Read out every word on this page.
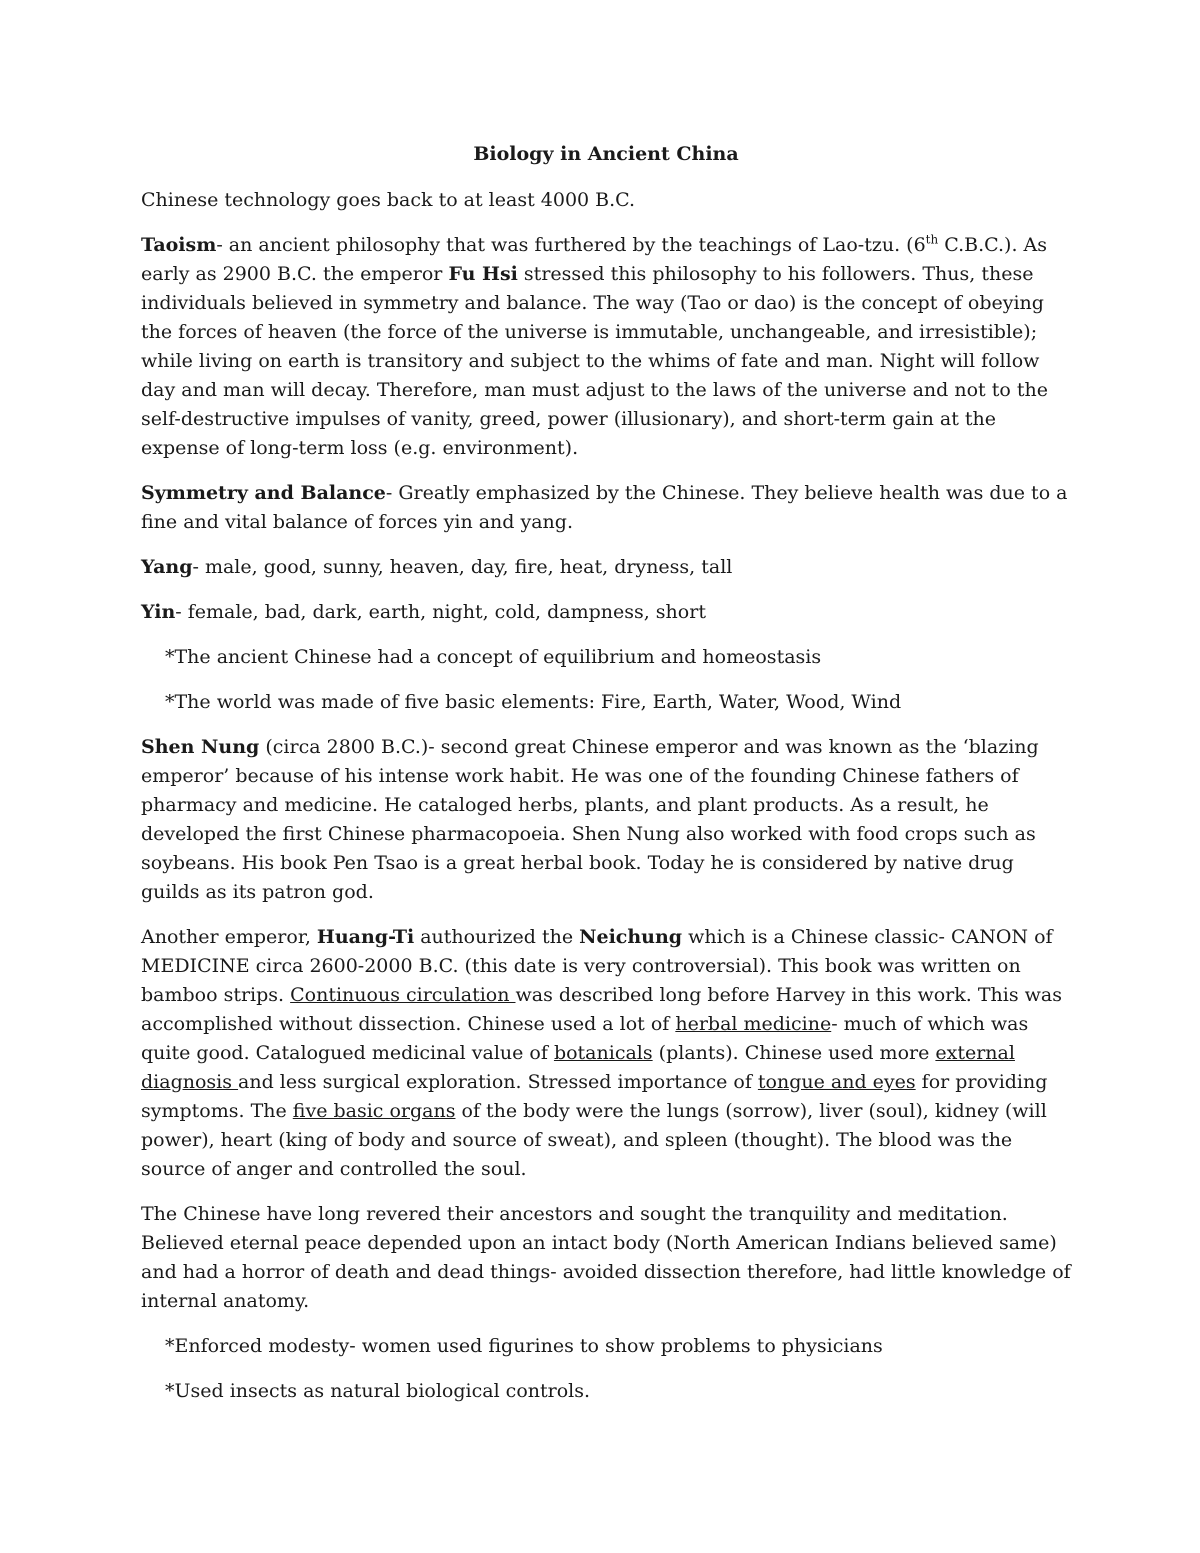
Biology in Ancient China

Chinese technology goes back to at least 4000 B.C.

Taoism- an ancient philosophy that was furthered by the teachings of Lao-tzu. (6th C.B.C.). As early as 2900 B.C. the emperor Fu Hsi stressed this philosophy to his followers. Thus, these individuals believed in symmetry and balance. The way (Tao or dao) is the concept of obeying the forces of heaven (the force of the universe is immutable, unchangeable, and irresistible); while living on earth is transitory and subject to the whims of fate and man. Night will follow day and man will decay. Therefore, man must adjust to the laws of the universe and not to the self-destructive impulses of vanity, greed, power (illusionary), and short-term gain at the expense of long-term loss (e.g. environment).

Symmetry and Balance- Greatly emphasized by the Chinese. They believe health was due to a fine and vital balance of forces yin and yang.

Yang- male, good, sunny, heaven, day, fire, heat, dryness, tall

Yin- female, bad, dark, earth, night, cold, dampness, short

*The ancient Chinese had a concept of equilibrium and homeostasis

*The world was made of five basic elements: Fire, Earth, Water, Wood, Wind

Shen Nung (circa 2800 B.C.)- second great Chinese emperor and was known as the ‘blazing emperor’ because of his intense work habit. He was one of the founding Chinese fathers of pharmacy and medicine. He cataloged herbs, plants, and plant products. As a result, he developed the first Chinese pharmacopoeia. Shen Nung also worked with food crops such as soybeans. His book Pen Tsao is a great herbal book. Today he is considered by native drug guilds as its patron god.

Another emperor, Huang-Ti authourized the Neichung which is a Chinese classic- CANON of MEDICINE circa 2600-2000 B.C. (this date is very controversial). This book was written on bamboo strips. Continuous circulation was described long before Harvey in this work. This was accomplished without dissection. Chinese used a lot of herbal medicine- much of which was quite good. Catalogued medicinal value of botanicals (plants). Chinese used more external diagnosis and less surgical exploration. Stressed importance of tongue and eyes for providing symptoms. The five basic organs of the body were the lungs (sorrow), liver (soul), kidney (will power), heart (king of body and source of sweat), and spleen (thought). The blood was the source of anger and controlled the soul.

The Chinese have long revered their ancestors and sought the tranquility and meditation. Believed eternal peace depended upon an intact body (North American Indians believed same) and had a horror of death and dead things- avoided dissection therefore, had little knowledge of internal anatomy.

*Enforced modesty- women used figurines to show problems to physicians

*Used insects as natural biological controls.
